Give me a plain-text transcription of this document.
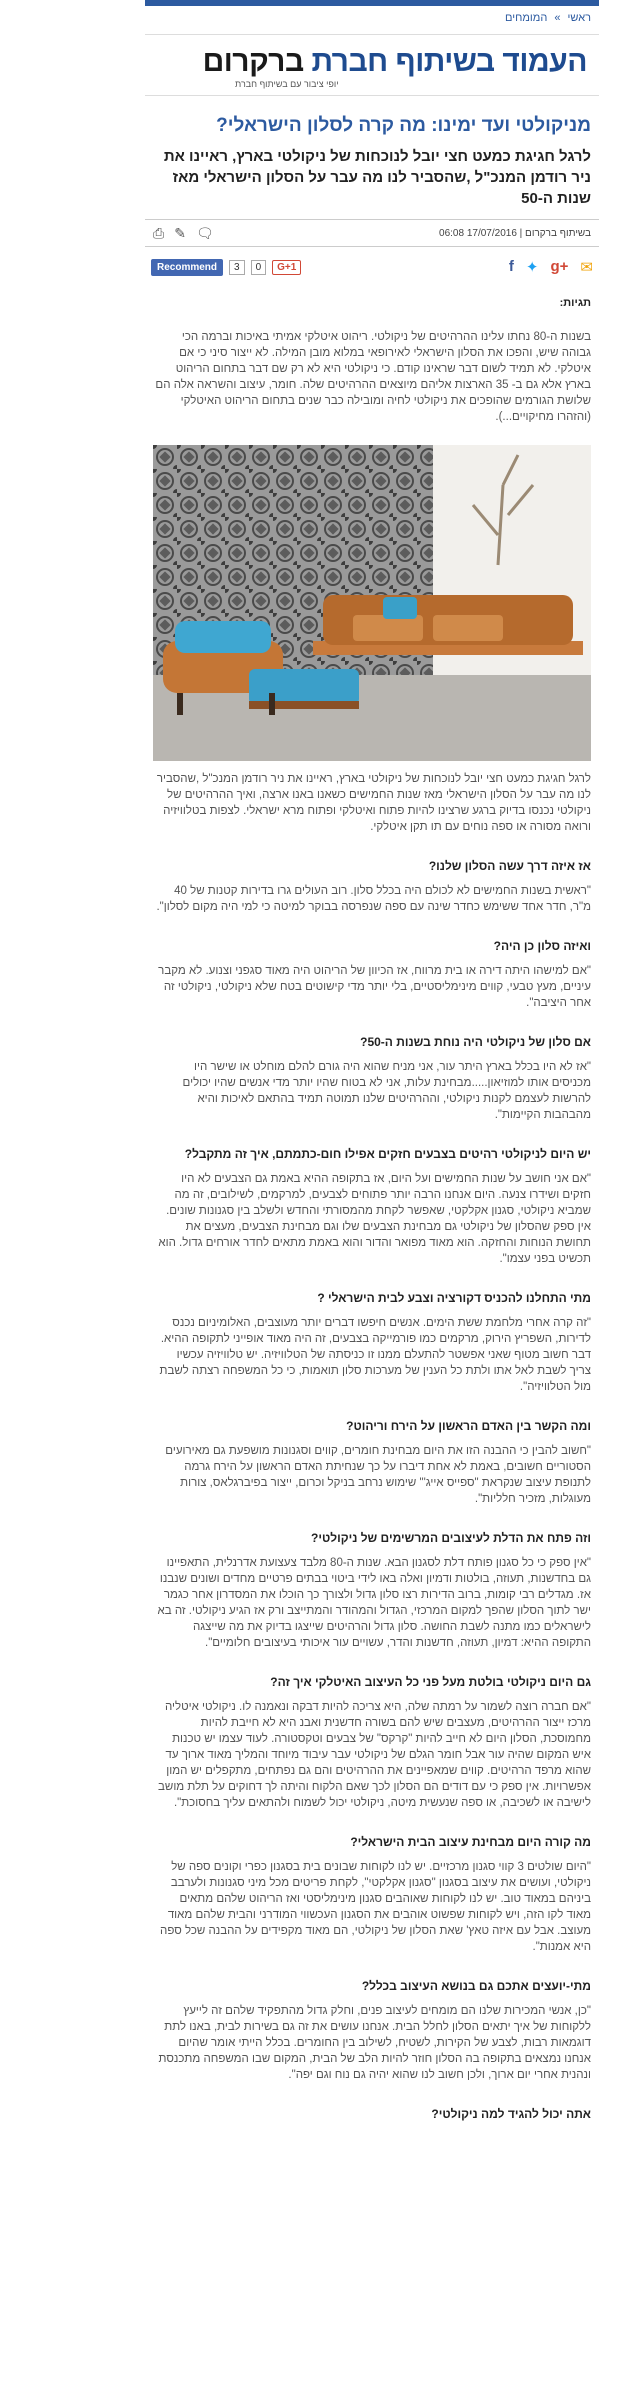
ראשי » המומחים
העמוד בשיתוף חברת ברקרום
יופי ציבור עם בשיתוף חברת
מניקולטי ועד ימינו: מה קרה לסלון הישראלי?
לרגל חגיגת כמעט חצי יובל לנוכחות של ניקולטי בארץ, ראיינו את ניר רודמן המנכ"ל ,שהסביר לנו מה עבר על הסלון הישראלי מאז שנות ה-50
בשיתוף ברקרום | 17/07/2016 06:08
⎙ ✎ 🗨
Recommend	3	0	G+1	f ✦ g+ ✉
תגיות:
בשנות ה-80 נחתו עלינו ההרהיטים של ניקולטי. ריהוט איטלקי אמיתי באיכות וברמה הכי גבוהה שיש, והפכו את הסלון הישראלי לאירופאי במלוא מובן המילה. לא ייצור סיני כי אם איטלקי. לא תמיד לשום דבר שראינו קודם. כי ניקולטי היא לא רק שם דבר בתחום הריהוט בארץ אלא גם ב- 35 הארצות אליהם מיוצאים ההרהיטים שלה. חומר, עיצוב והשראה אלה הם שלושת הגורמים שהופכים את ניקולטי לחיה ומובילה כבר שנים בתחום הריהוט האיטלקי (והזהרו מחיקויים...).
לרגל חגיגת כמעט חצי יובל לנוכחות של ניקולטי בארץ, ראיינו את ניר רודמן המנכ"ל ,שהסביר לנו מה עבר על הסלון הישראלי מאז שנות החמישים כשאנו באנו ארצה, ואיך ההרהיטים של ניקולטי נכנסו בדיוק ברגע שרצינו להיות פתוח ואיטלקי ופתוח מרא ישראלי. לצפות בטלוויזיה ורואה מסורה או ספה נוחים עם תו תקן איטלקי.
אז איזה דרך עשה הסלון שלנו?
"ראשית בשנות החמישים לא לכולם היה בכלל סלון. רוב העולים גרו בדירות קטנות של 40 מ"ר, חדר אחד ששימש כחדר שינה עם ספה שנפרסה בבוקר למיטה כי למי היה מקום לסלון".
ואיזה סלון כן היה?
"אם למישהו היתה דירה או בית מרווח, אז הכיוון של הריהוט היה מאוד סגפני וצנוע. לא מקבר עיניים, מעץ טבעי, קווים מינימליסטיים, בלי יותר מדי קישוטים בטח שלא ניקולטי, ניקולטי זה אחר היציבה".
אם סלון של ניקולטי היה נוחת בשנות ה-50?
"אז לא היו בכלל בארץ היתר עור, אני מניח שהוא היה גורם להלם מוחלט או שישר היו מכניסים אותו למוזיאון.....מבחינת עלות, אני לא בטוח שהיו יותר מדי אנשים שהיו יכולים להרשות לעצמם לקנות ניקולטי, וההרהיטים שלנו תמוטה תמיד בהתאם לאיכות והיא מהבהבות הקיימות".
יש היום לניקולטי רהיטים בצבעים חזקים אפילו חום-כתמתם, איך זה מתקבל?
"אם אני חושב על שנות החמישים ועל היום, אז בתקופה ההיא באמת גם הצבעים לא היו חזקים ושידרו צנעה. היום אנחנו הרבה יותר פתוחים לצבעים, למרקמים, לשילובים, זה מה שמביא ניקולטי, סגנון אקלקטי, שאפשר לקחת מהמסורתי והחדש ולשלב בין סגנונות שונים. אין ספק שהסלון של ניקולטי גם מבחינת הצבעים שלו וגם מבחינת הצבעים, מעצים את תחושת הנוחות והחזקה. הוא מאוד מפואר והדור והוא באמת מתאים לחדר אורחים גדול. הוא תכשיט בפני עצמו".
מתי התחלנו להכניס דקורציה וצבע לבית הישראלי ?
"זה קרה אחרי מלחמת ששת הימים. אנשים חיפשו דברים יותר מעוצבים, האלומיניום נכנס לדירות, השפריץ הירוק, מרקמים כמו פורמייקה בצבעים, זה היה מאוד אופייני לתקופה ההיא. דבר חשוב מטוף שאני אפשטר להתעלם ממנו זו כניסתה של הטלוויזיה. יש טלוויזיה עכשיו צריך לשבת לאל אתו ולתת כל הענין של מערכות סלון תואמות, כי כל המשפחה רצתה לשבת מול הטלוויזיה".
ומה הקשר בין האדם הראשון על הירח וריהוט?
"חשוב להבין כי ההבנה הזו את היום מבחינת חומרים, קווים וסגנונות מושפעת גם מאירועים הסטוריים חשובים, באמת לא אחת דיברו על כך שנחיתת האדם הראשון על הירח גרמה לתנופת עיצוב שנקראת "ספייס אייג'" שימוש נרחב בניקל וכרום, ייצור בפיברגלאס, צורות מעוגלות, מזכיר חלליות".
וזה פתח את הדלת לעיצובים המרשימים של ניקולטי?
"אין ספק כי כל סגנון פותח דלת לסגנון הבא. שנות ה-80 מלבד צעצועת אדרנלית, התאפיינו גם בחדשנות, תעוזה, בולטות ודמיון ואלה באו לידי ביטוי בבתים פרטיים מחדים ושונים שנבנו אז. מגדלים רבי קומות, ברוב הדירות רצו סלון גדול ולצורך כך הוכלו את המסדרון אחר כגמר ישר לתוך הסלון שהפך למקום המרכזי, הגדול והמהודר והמתייצב ורק אז הגיע ניקולטי. זה בא לישראלים כמו מתנה לשבת החושה. סלון גדול והרהיטים שייצגו בדיוק את מה שייצגה התקופה ההיא: דמיון, תעוזה, חדשנות והדר, עשויים עור איכותי בעיצובים חלומיים".
גם היום ניקולטי בולטת מעל פני כל העיצוב האיטלקי איך זה?
"אם חברה רוצה לשמור על רמתה שלה, היא צריכה להיות דבקה ונאמנה לו. ניקולטי איטליה מרכז ייצור ההרהיטים, מעצבים שיש להם בשורה חדשנית ואבנ היא לא חייבת להיות מחמוסכת, הסלון היום לא חייב להיות "קרקס" של צבעים וטקסטורה. לעוד עצמו יש טכנות איש המקום שהיה עור אבל חומר הגלם של ניקולטי עבר עיבוד מיוחד והמליך מאוד ארוך עד שהוא מרפד הרהיטים. קווים שמאפיינים את ההרהיטים והם גם נפתחים, מתקפלים יש המון אפשרויות. אין ספק כי עם דודים הם הסלון לכך שאם הלקוח והיתה לך דחוקים על תלת מושב לישיבה או לשכיבה, או ספה שנעשית מיטה, ניקולטי יכול לשמוח ולהתאים עליך בחסוכת".
מה קורה היום מבחינת עיצוב הבית הישראלי?
"היום שולטים 3 קווי סגנון מרכזיים. יש לנו לקוחות שבונים בית בסגנון כפרי וקונים ספה של ניקולטי, ועושים את עיצוב בסגנון "סגנון אקלקטי", לקחת פריטים מכל מיני סגנונות ולערבב ביניהם במאוד טוב. יש לנו לקוחות שאוהבים סגנון מינימליסטי ואז הריהוט שלהם מתאים מאוד לקו הזה, ויש לקוחות שפשוט אוהבים את הסגנון העכשווי המודרני והבית שלהם מאוד מעוצב. אבל עם איזה טאץ' שאת הסלון של ניקולטי, הם מאוד מקפידים על ההבנה שכל ספה היא אמנות".
מתי-יועצים אתכם גם בנושא העיצוב בכלל?
"כן, אנשי המכירות שלנו הם מומחים לעיצוב פנים, וחלק גדול מהתפקיד שלהם זה לייעץ ללקוחות של איך יתאים הסלון לחלל הבית. אנחנו עושים את זה גם בשירות לבית, באנו לתת דוגמאות רבות, לצבע של הקירות, לשטיח, לשילוב בין החומרים. בכלל הייתי אומר שהיום אנחנו נמצאים בתקופה בה הסלון חוזר להיות הלב של הבית, המקום שבו המשפחה מתכנסת ונהנית אחרי יום ארוך, ולכן חשוב לנו שהוא יהיה גם נוח וגם יפה".
אתה יכול להגיד למה ניקולטי?
